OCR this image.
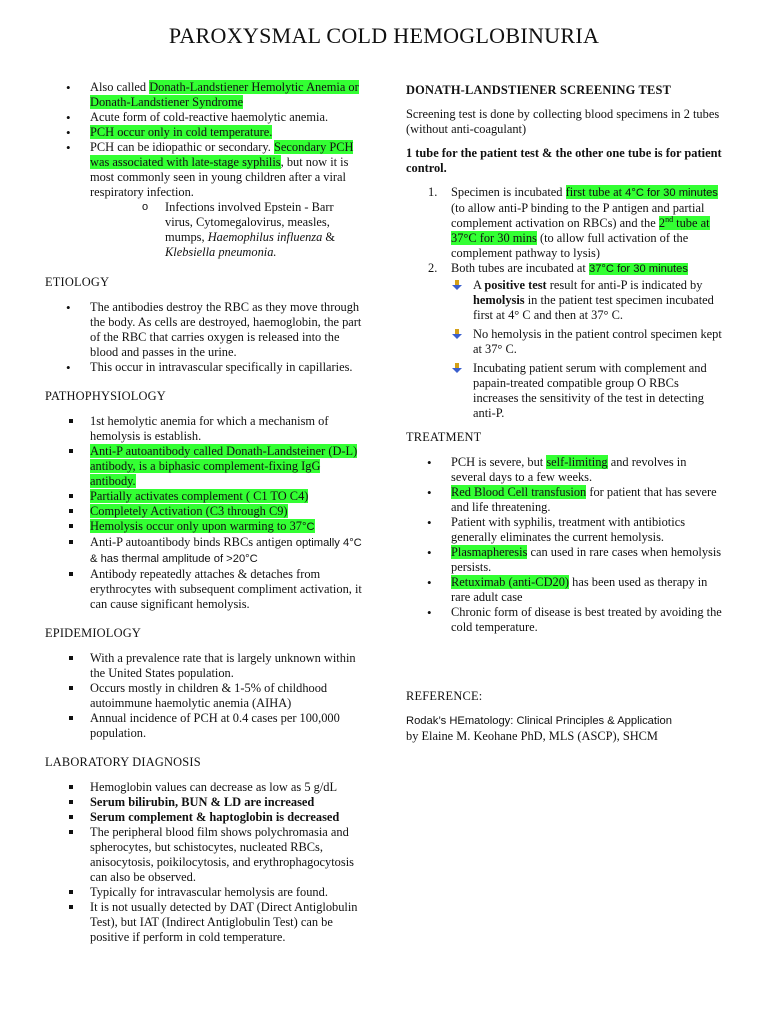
PAROXYSMAL COLD HEMOGLOBINURIA
• Also called Donath-Landstiener Hemolytic Anemia or Donath-Landstiener Syndrome
• Acute form of cold-reactive haemolytic anemia.
• PCH occur only in cold temperature.
• PCH can be idiopathic or secondary. Secondary PCH was associated with late-stage syphilis, but now it is most commonly seen in young children after a viral respiratory infection.
o Infections involved Epstein - Barr virus, Cytomegalovirus, measles, mumps, Haemophilus influenza & Klebsiella pneumonia.

ETIOLOGY

• The antibodies destroy the RBC as they move through the body. As cells are destroyed, haemoglobin, the part of the RBC that carries oxygen is released into the blood and passes in the urine.
• This occur in intravascular specifically in capillaries.

PATHOPHYSIOLOGY

1st hemolytic anemia for which a mechanism of hemolysis is establish.
Anti-P autoantibody called Donath-Landsteiner (D-L) antibody, is a biphasic complement-fixing IgG antibody.
Partially activates complement ( C1 TO C4)
Completely Activation (C3 through C9)
Hemolysis occur only upon warming to 37°C
Anti-P autoantibody binds RBCs antigen optimally 4°C & has thermal amplitude of >20°C
Antibody repeatedly attaches & detaches from erythrocytes with subsequent compliment activation, it can cause significant hemolysis.

EPIDEMIOLOGY

With a prevalence rate that is largely unknown within the United States population.
Occurs mostly in children & 1-5% of childhood autoimmune haemolytic anemia (AIHA)
Annual incidence of PCH at 0.4 cases per 100,000 population.

LABORATORY DIAGNOSIS

Hemoglobin values can decrease as low as 5 g/dL
Serum bilirubin, BUN & LD are increased
Serum complement & haptoglobin is decreased
The peripheral blood film shows polychromasia and spherocytes, but schistocytes, nucleated RBCs, anisocytosis, poikilocytosis, and erythrophagocytosis can also be observed.
Typically for intravascular hemolysis are found.
It is not usually detected by DAT (Direct Antiglobulin Test), but IAT (Indirect Antiglobulin Test) can be positive if perform in cold temperature.

DONATH-LANDSTIENER SCREENING TEST

Screening test is done by collecting blood specimens in 2 tubes (without anti-coagulant)

1 tube for the patient test & the other one tube is for patient control.

1. Specimen is incubated first tube at 4°C for 30 minutes (to allow anti-P binding to the P antigen and partial complement activation on RBCs) and the 2nd tube at 37°C for 30 mins (to allow full activation of the complement pathway to lysis)
2. Both tubes are incubated at 37°C for 30 minutes
A positive test result for anti-P is indicated by hemolysis in the patient test specimen incubated first at 4° C and then at 37° C.
No hemolysis in the patient control specimen kept at 37° C.
Incubating patient serum with complement and papain-treated compatible group O RBCs increases the sensitivity of the test in detecting anti-P.

TREATMENT

• PCH is severe, but self-limiting and revolves in several days to a few weeks.
• Red Blood Cell transfusion for patient that has severe and life threatening.
• Patient with syphilis, treatment with antibiotics generally eliminates the current hemolysis.
• Plasmapheresis can used in rare cases when hemolysis persists.
• Retuximab (anti-CD20) has been used as therapy in rare adult case
• Chronic form of disease is best treated by avoiding the cold temperature.

REFERENCE:

Rodak’s HEmatology: Clinical Principles & Application

by Elaine M. Keohane PhD, MLS (ASCP), SHCM
